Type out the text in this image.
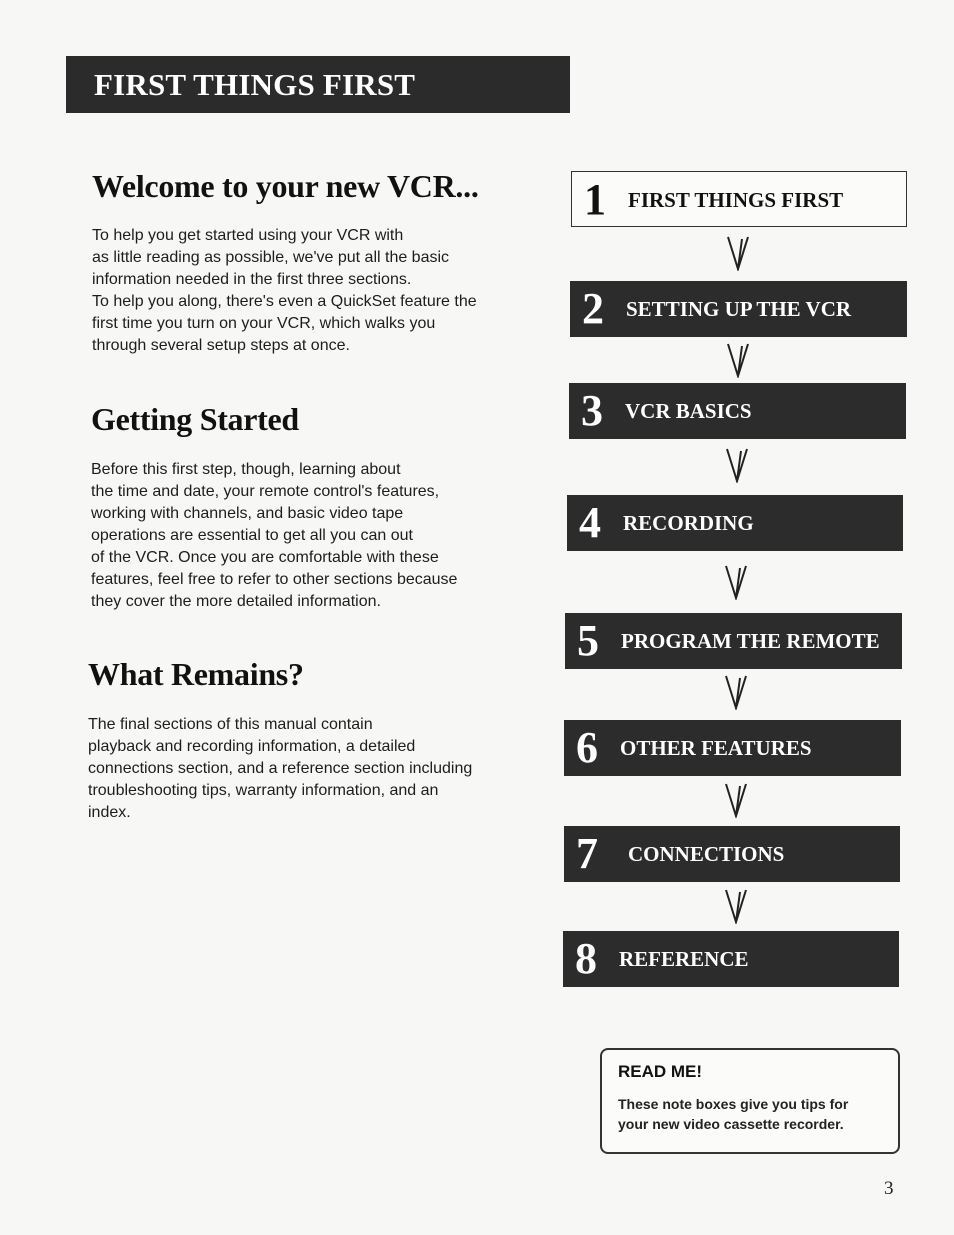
FIRST THINGS FIRST
Welcome to your new VCR...
To help you get started using your VCR with
as little reading as possible, we've put all the basic
information needed in the first three sections.
To help you along, there's even a QuickSet feature the
first time you turn on your VCR, which walks you
through several setup steps at once.
Getting Started
Before this first step, though, learning about
the time and date, your remote control's features,
working with channels, and basic video tape
operations are essential to get all you can out
of the VCR. Once you are comfortable with these
features, feel free to refer to other sections because
they cover the more detailed information.
What Remains?
The final sections of this manual contain
playback and recording information, a detailed
connections section, and a reference section including
troubleshooting tips, warranty information, and an
index.
1 FIRST THINGS FIRST
2 SETTING UP THE VCR
3 VCR BASICS
4 RECORDING
5 PROGRAM THE REMOTE
6 OTHER FEATURES
7 CONNECTIONS
8 REFERENCE

READ ME!

These note boxes give you tips for
your new video cassette recorder.

3
